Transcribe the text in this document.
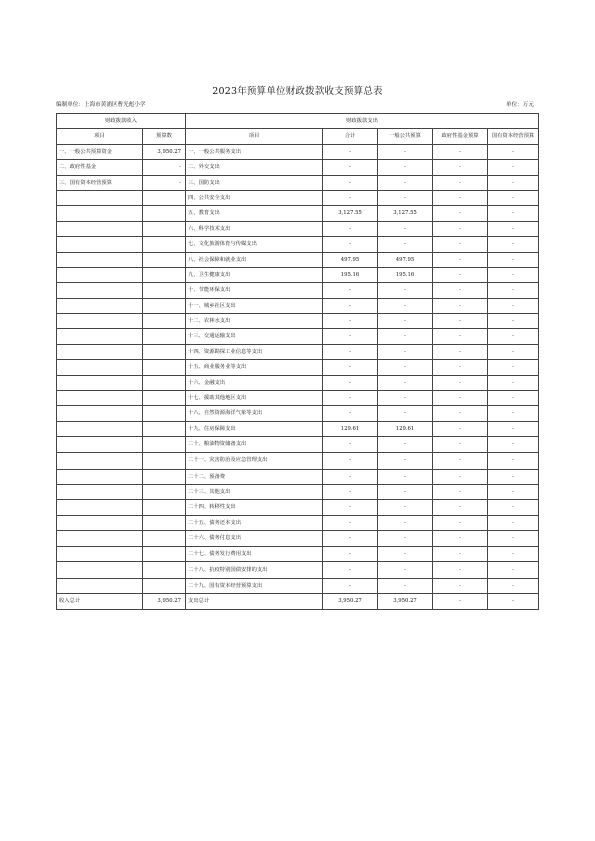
2023年预算单位财政拨款收支预算总表
编制单位：上海市黄浦区曹光彪小学	单位：万元
财政拨款收入		财政拨款支出				
项目	预算数	项目	合计	一般公共预算	政府性基金预算	国有资本经营预算
一、一般公共预算资金	3,950.27	一、一般公共服务支出	-	-	-	-
二、政府性基金	-	二、外交支出	-	-	-	-
三、国有资本经营预算	-	三、国防支出	-	-	-	-
		四、公共安全支出	-	-	-	-
		五、教育支出	3,127.55	3,127.55	-	-
		六、科学技术支出	-	-	-	-
		七、文化旅游体育与传媒支出	-	-	-	-
		八、社会保障和就业支出	497.95	497.95	-	-
		九、卫生健康支出	195.16	195.16	-	-
		十、节能环保支出	-	-	-	-
		十一、城乡社区支出	-	-	-	-
		十二、农林水支出	-	-	-	-
		十三、交通运输支出	-	-	-	-
		十四、资源勘探工业信息等支出	-	-	-	-
		十五、商业服务业等支出	-	-	-	-
		十六、金融支出	-	-	-	-
		十七、援助其他地区支出	-	-	-	-
		十八、自然资源海洋气象等支出	-	-	-	-
		十九、住房保障支出	129.61	129.61	-	-
		二十、粮油物资储备支出	-	-	-	-
		二十一、灾害防治及应急管理支出	-	-	-	-
		二十二、预备费	-	-	-	-
		二十三、其他支出	-	-	-	-
		二十四、转移性支出	-	-	-	-
		二十五、债务还本支出	-	-	-	-
		二十六、债务付息支出	-	-	-	-
		二十七、债务发行费用支出	-	-	-	-
		二十八、抗疫特别国债安排的支出	-	-	-	-
		二十九、国有资本经营预算支出	-	-	-	-
收入总计	3,950.27	支出总计	3,950.27	3,950.27	-	-
